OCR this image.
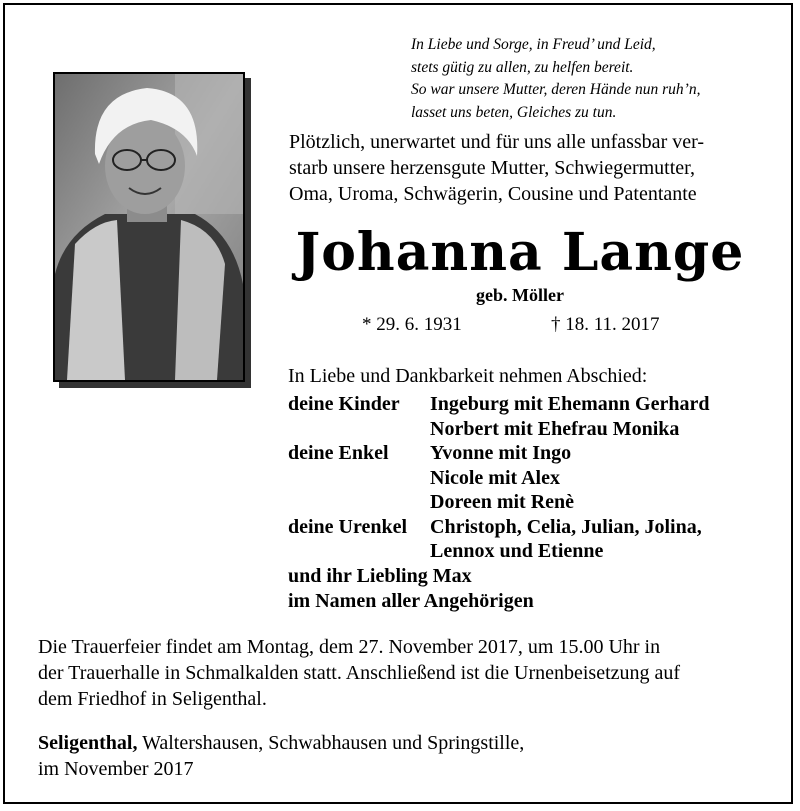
In Liebe und Sorge, in Freud’ und Leid,
stets gütig zu allen, zu helfen bereit.
So war unsere Mutter, deren Hände nun ruh’n,
lasset uns beten, Gleiches zu tun.
Plötzlich, unerwartet und für uns alle unfassbar ver-
starb unsere herzensgute Mutter, Schwiegermutter,
Oma, Uroma, Schwägerin, Cousine und Patentante
Johanna Lange
geb. Möller
* 29. 6. 1931	† 18. 11. 2017
In Liebe und Dankbarkeit nehmen Abschied:
deine Kinder	Ingeburg mit Ehemann Gerhard
Norbert mit Ehefrau Monika
deine Enkel	Yvonne mit Ingo
Nicole mit Alex
Doreen mit Renè
deine Urenkel	Christoph, Celia, Julian, Jolina,
Lennox und Etienne
und ihr Liebling Max
im Namen aller Angehörigen
Die Trauerfeier findet am Montag, dem 27. November 2017, um 15.00 Uhr in
der Trauerhalle in Schmalkalden statt. Anschließend ist die Urnenbeisetzung auf
dem Friedhof in Seligenthal.
Seligenthal, Waltershausen, Schwabhausen und Springstille,
im November 2017
